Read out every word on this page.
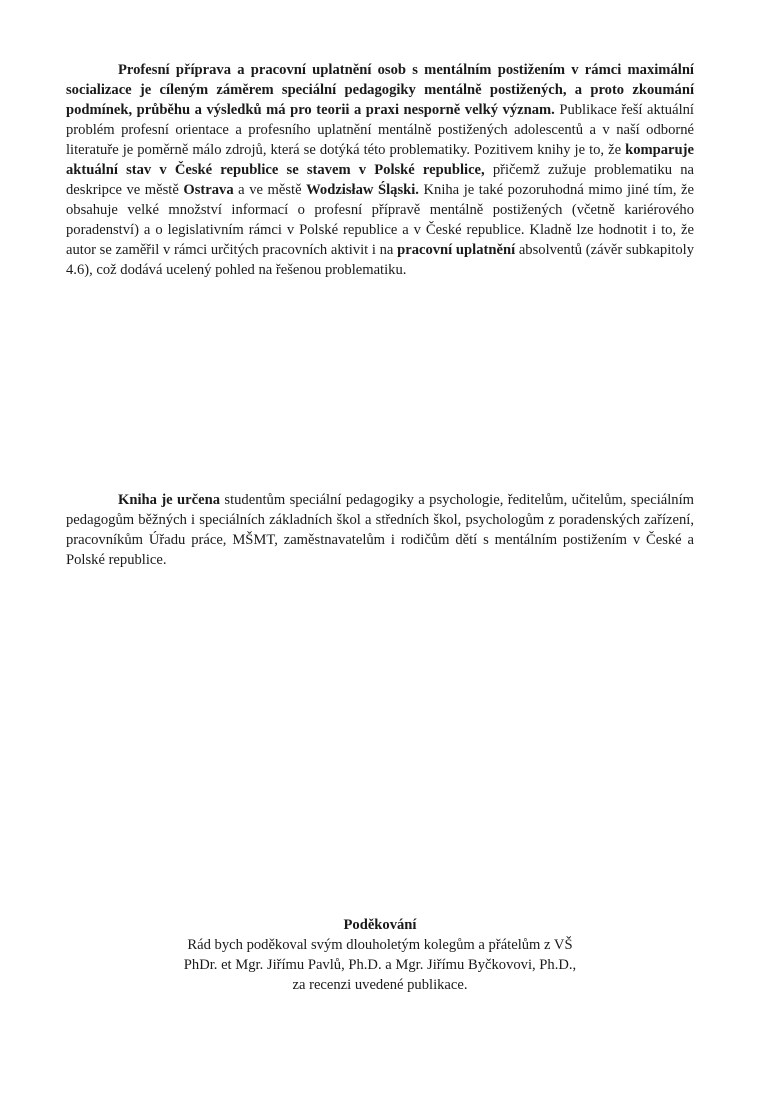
Profesní příprava a pracovní uplatnění osob s mentálním postižením v rámci maximální socializace je cíleným záměrem speciální pedagogiky mentálně postižených, a proto zkoumání podmínek, průběhu a výsledků má pro teorii a praxi nesporně velký význam. Publikace řeší aktuální problém profesní orientace a profesního uplatnění mentálně postižených adolescentů a v naší odborné literatuře je poměrně málo zdrojů, která se dotýká této problematiky. Pozitivem knihy je to, že komparuje aktuální stav v České republice se stavem v Polské republice, přičemž zužuje problematiku na deskripce ve městě Ostrava a ve městě Wodzisław Śląski. Kniha je také pozoruhodná mimo jiné tím, že obsahuje velké množství informací o profesní přípravě mentálně postižených (včetně kariérového poradenství) a o legislativním rámci v Polské republice a v České republice. Kladně lze hodnotit i to, že autor se zaměřil v rámci určitých pracovních aktivit i na pracovní uplatnění absolventů (závěr subkapitoly 4.6), což dodává ucelený pohled na řešenou problematiku.

Kniha je určena studentům speciální pedagogiky a psychologie, ředitelům, učitelům, speciálním pedagogům běžných i speciálních základních škol a středních škol, psychologům z poradenských zařízení, pracovníkům Úřadu práce, MŠMT, zaměstnavatelům i rodičům dětí s mentálním postižením v České a Polské republice.

Poděkování
Rád bych poděkoval svým dlouholetým kolegům a přátelům z VŠ
PhDr. et Mgr. Jiřímu Pavlů, Ph.D. a Mgr. Jiřímu Byčkovovi, Ph.D.,
za recenzi uvedené publikace.
